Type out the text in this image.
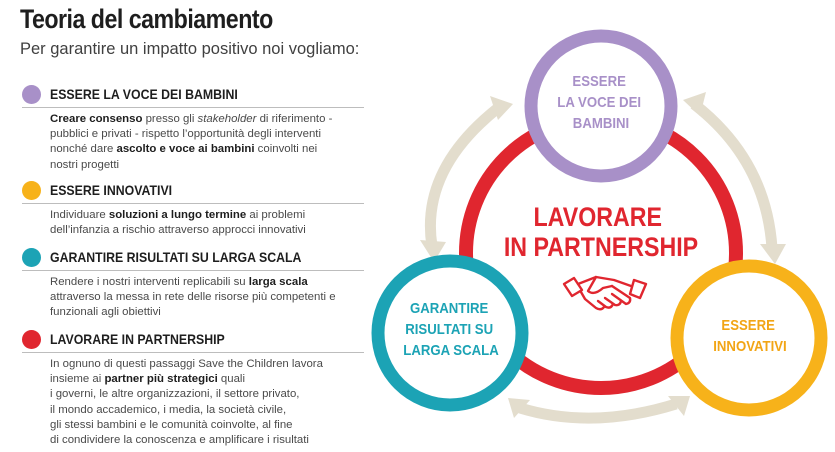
Teoria del cambiamento
Per garantire un impatto positivo noi vogliamo:
ESSERE LA VOCE DEI BAMBINI
Creare consenso presso gli stakeholder di riferimento -
pubblici e privati - rispetto l’opportunità degli interventi
nonché dare ascolto e voce ai bambini coinvolti nei
nostri progetti
ESSERE INNOVATIVI
Individuare soluzioni a lungo termine ai problemi
dell’infanzia a rischio attraverso approcci innovativi
GARANTIRE RISULTATI SU LARGA SCALA
Rendere i nostri interventi replicabili su larga scala
attraverso la messa in rete delle risorse più competenti e
funzionali agli obiettivi
LAVORARE IN PARTNERSHIP
In ognuno di questi passaggi Save the Children lavora
insieme ai partner più strategici quali
i governi, le altre organizzazioni, il settore privato,
il mondo accademico, i media, la società civile,
gli stessi bambini e le comunità coinvolte, al fine
di condividere la conoscenza e amplificare i risultati
LAVORARE IN PARTNERSHIP
ESSERE LA VOCE DEI BAMBINI
GARANTIRE RISULTATI SU LARGA SCALA
ESSERE INNOVATIVI
